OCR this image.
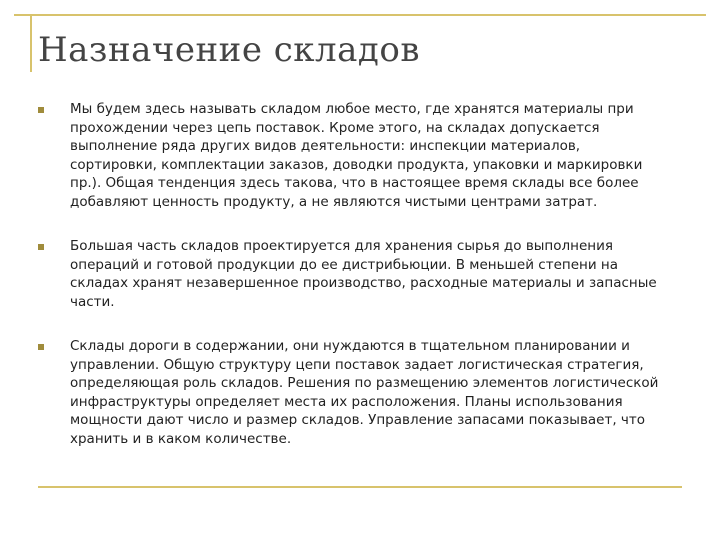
Назначение складов
Мы будем здесь называть складом любое место, где хранятся материалы при прохождении через цепь поставок. Кроме этого, на складах допускается выполнение ряда других видов деятельности: инспекции материалов, сортировки, комплектации заказов, доводки продукта, упаковки и маркировки пр.). Общая тенденция здесь такова, что в настоящее время склады все более добавляют ценность продукту, а не являются чистыми центрами затрат.
Большая часть складов проектируется для хранения сырья до выполнения операций и готовой продукции до ее дистрибьюции. В меньшей степени на складах хранят незавершенное производство, расходные материалы и запасные части.
Склады дороги в содержании, они нуждаются в тщательном планировании и управлении. Общую структуру цепи поставок задает логистическая стратегия, определяющая роль складов. Решения по размещению элементов логистической инфраструктуры определяет места их расположения. Планы использования мощности дают число и размер складов. Управление запасами показывает, что хранить и в каком количестве.
